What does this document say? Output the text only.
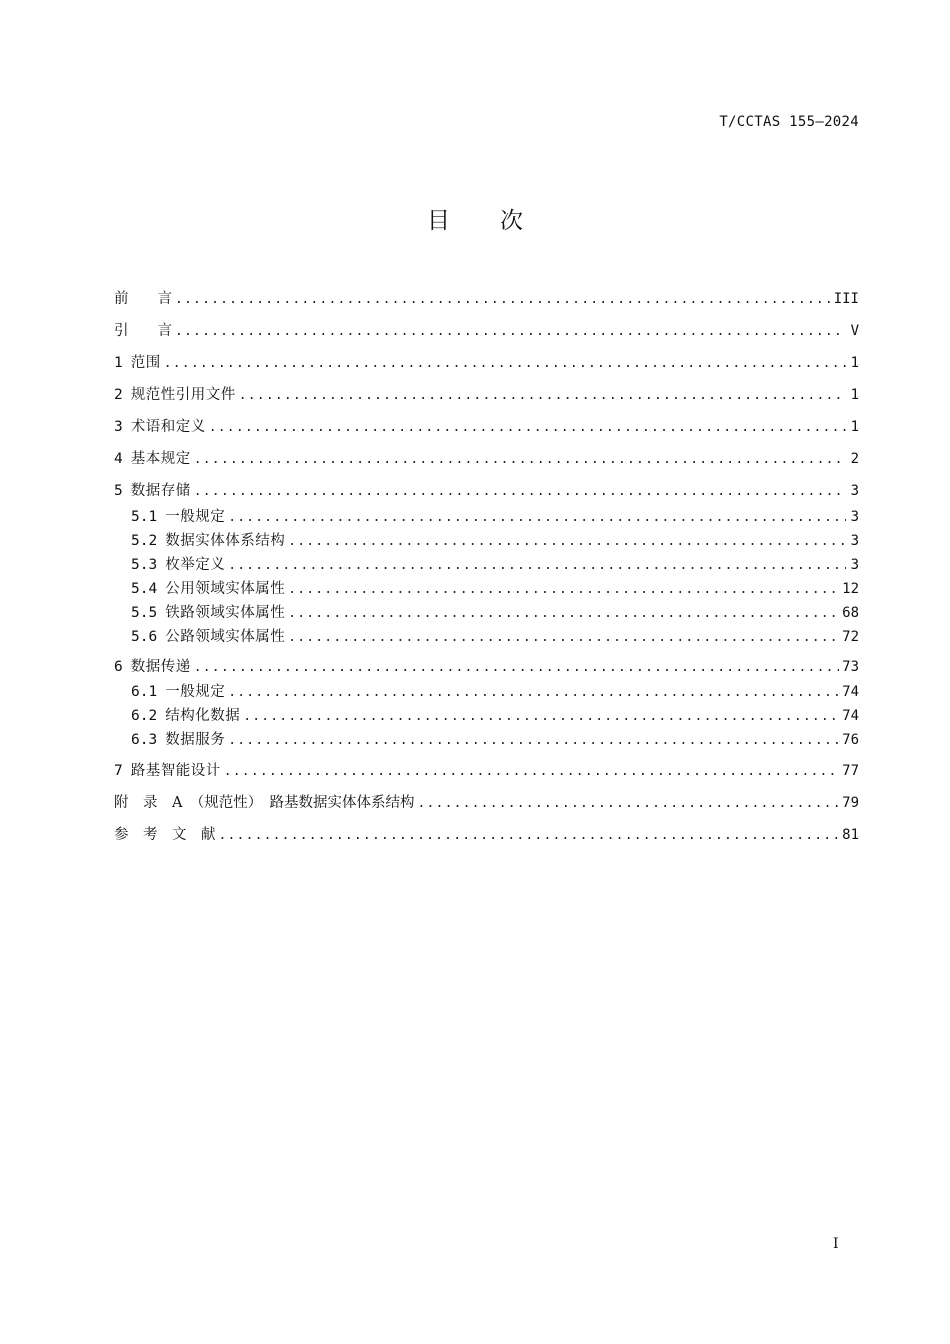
T/CCTAS 155—2024
目 次
前　　言 .....	III
引　　言 .....	V
1 范围 .....	1
2 规范性引用文件 .....	1
3 术语和定义 .....	1
4 基本规定 .....	2
5 数据存储 .....	3
5.1 一般规定 .....	3
5.2 数据实体体系结构 .....	3
5.3 枚举定义 .....	3
5.4 公用领域实体属性 .....	12
5.5 铁路领域实体属性 .....	68
5.6 公路领域实体属性 .....	72
6 数据传递 .....	73
6.1 一般规定 .....	74
6.2 结构化数据 .....	74
6.3 数据服务 .....	76
7 路基智能设计 .....	77
附　录　A　（规范性）　路基数据实体体系结构 .....	79
参　考　文　献 .....	81
I
